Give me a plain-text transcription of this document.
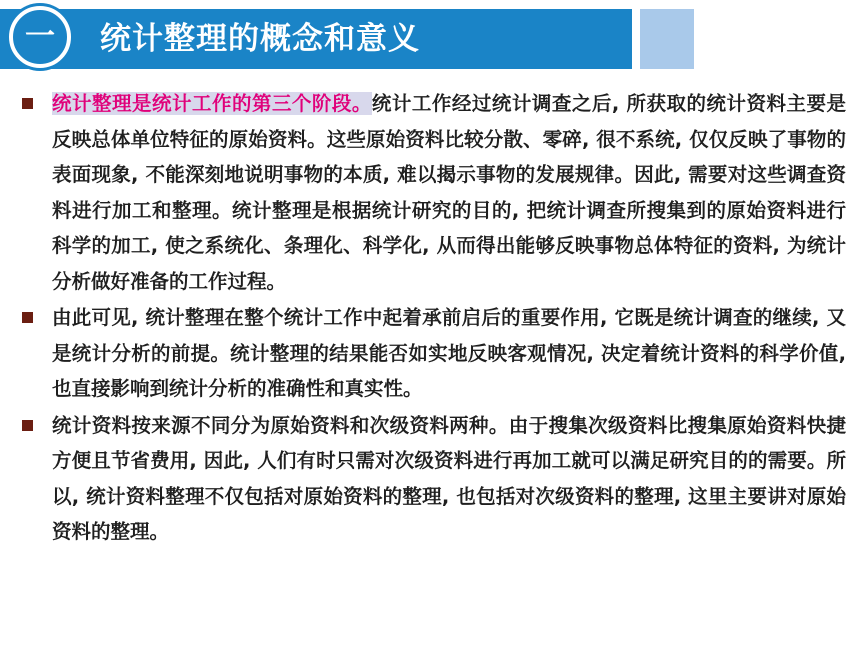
一	统计整理的概念和意义

统计整理是统计工作的第三个阶段。统计工作经过统计调查之后, 所获取的统计资料主要是反映总体单位特征的原始资料。这些原始资料比较分散、零碎, 很不系统, 仅仅反映了事物的表面现象, 不能深刻地说明事物的本质, 难以揭示事物的发展规律。因此, 需要对这些调查资料进行加工和整理。统计整理是根据统计研究的目的, 把统计调查所搜集到的原始资料进行科学的加工, 使之系统化、条理化、科学化, 从而得出能够反映事物总体特征的资料, 为统计分析做好准备的工作过程。

由此可见, 统计整理在整个统计工作中起着承前启后的重要作用, 它既是统计调查的继续, 又是统计分析的前提。统计整理的结果能否如实地反映客观情况, 决定着统计资料的科学价值, 也直接影响到统计分析的准确性和真实性。

统计资料按来源不同分为原始资料和次级资料两种。由于搜集次级资料比搜集原始资料快捷方便且节省费用, 因此, 人们有时只需对次级资料进行再加工就可以满足研究目的的需要。所以, 统计资料整理不仅包括对原始资料的整理, 也包括对次级资料的整理, 这里主要讲对原始资料的整理。
